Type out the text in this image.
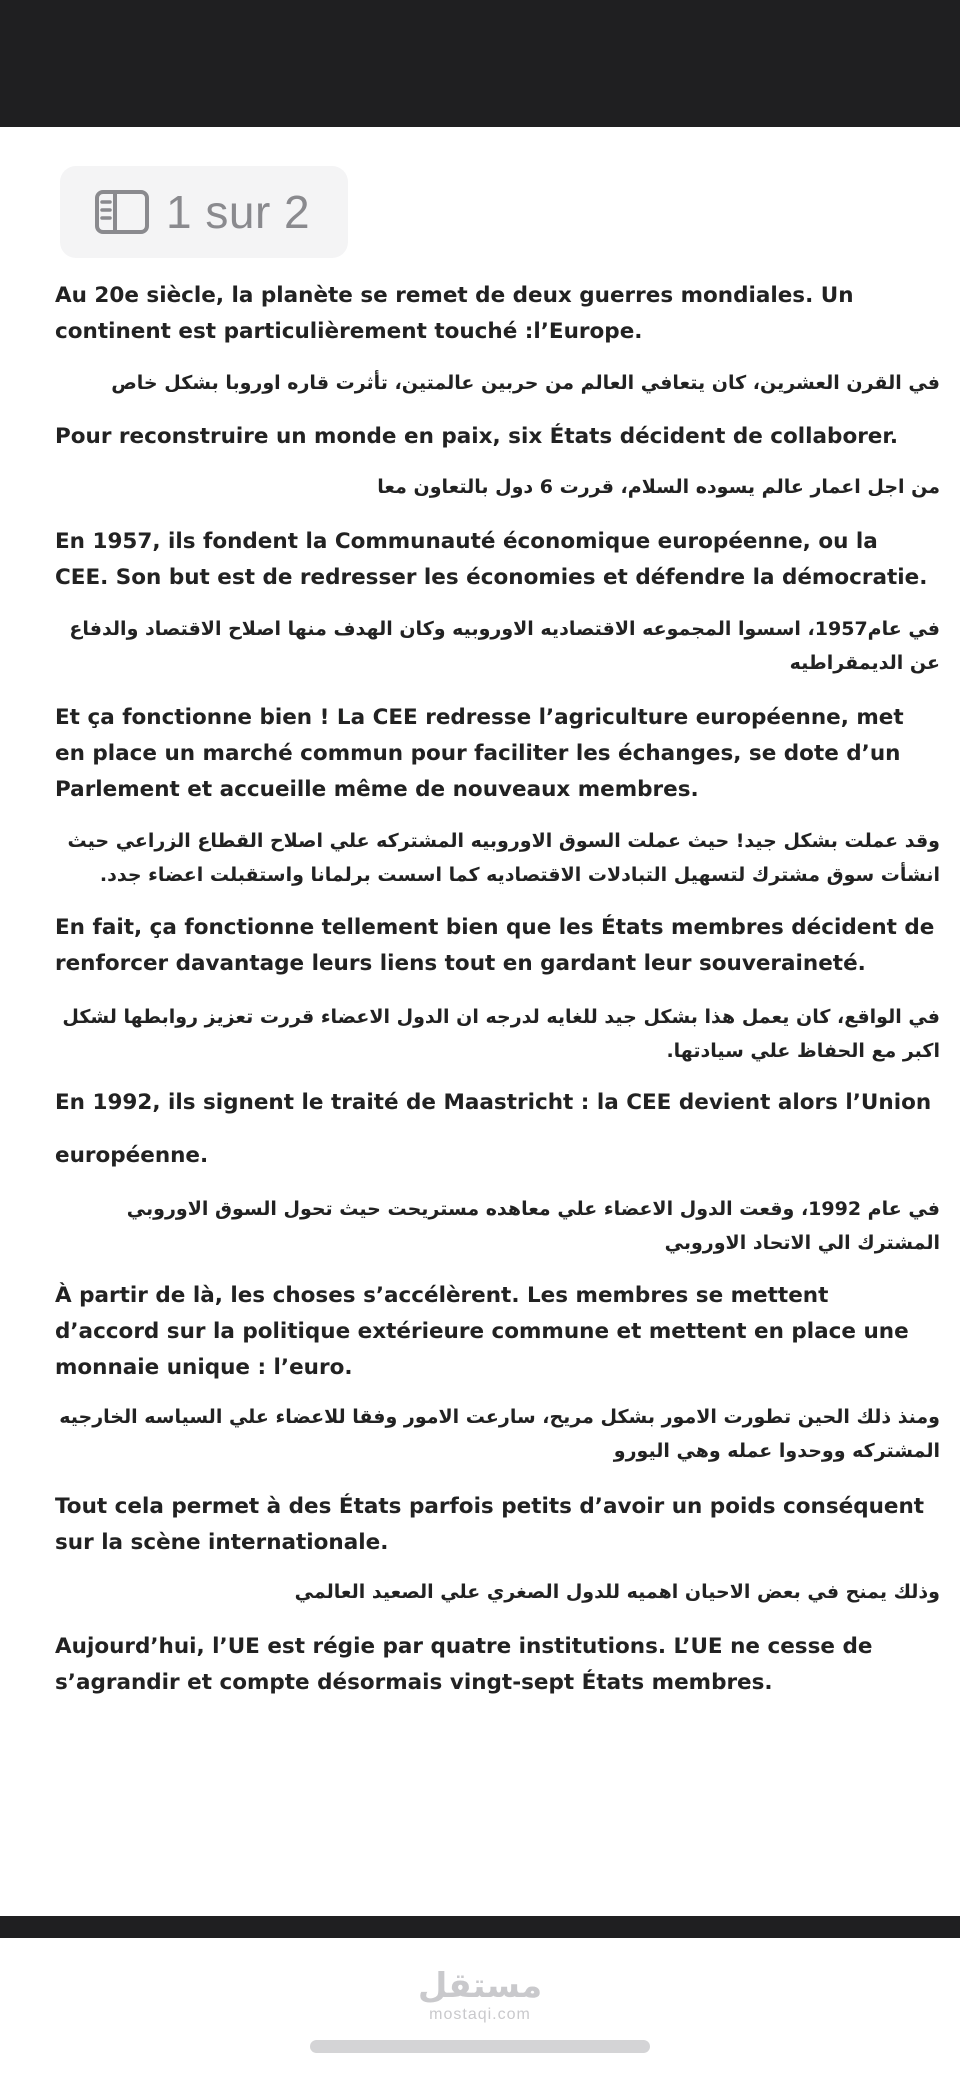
1 sur 2

Au 20e siècle, la planète se remet de deux guerres mondiales. Un continent est particulièrement touché :l’Europe.

في القرن العشرين، كان يتعافي العالم من حربين عالمتين، تأثرت قاره اوروبا بشكل خاص

Pour reconstruire un monde en paix, six États décident de collaborer.

من اجل اعمار عالم يسوده السلام، قررت 6 دول بالتعاون معا

En 1957, ils fondent la Communauté économique européenne, ou la CEE. Son but est de redresser les économies et défendre la démocratie.

في عام1957، اسسوا المجموعه الاقتصاديه الاوروبيه وكان الهدف منها اصلاح الاقتصاد والدفاع عن الديمقراطيه

Et ça fonctionne bien ! La CEE redresse l’agriculture européenne, met en place un marché commun pour faciliter les échanges, se dote d’un Parlement et accueille même de nouveaux membres.

وقد عملت بشكل جيد! حيث عملت السوق الاوروبيه المشتركه علي اصلاح القطاع الزراعي حيث انشأت سوق مشترك لتسهيل التبادلات الاقتصاديه كما اسست برلمانا واستقبلت اعضاء جدد.

En fait, ça fonctionne tellement bien que les États membres décident de renforcer davantage leurs liens tout en gardant leur souveraineté.

في الواقع، كان يعمل هذا بشكل جيد للغايه لدرجه ان الدول الاعضاء قررت تعزيز روابطها لشكل اكبر مع الحفاظ علي سيادتها.

En 1992, ils signent le traité de Maastricht : la CEE devient alors l’Union

européenne.

في عام 1992، وقعت الدول الاعضاء علي معاهده مستريحت حيث تحول السوق الاوروبي المشترك الي الاتحاد الاوروبي

À partir de là, les choses s’accélèrent. Les membres se mettent d’accord sur la politique extérieure commune et mettent en place une monnaie unique : l’euro.

ومنذ ذلك الحين تطورت الامور بشكل مريح، سارعت الامور وفقا للاعضاء علي السياسه الخارجيه المشتركه ووحدوا عمله وهي اليورو

Tout cela permet à des États parfois petits d’avoir un poids conséquent sur la scène internationale.

وذلك يمنح في بعض الاحيان اهميه للدول الصغري علي الصعيد العالمي

Aujourd’hui, l’UE est régie par quatre institutions. L’UE ne cesse de s’agrandir et compte désormais vingt-sept États membres.

مستقل
mostaqi.com
